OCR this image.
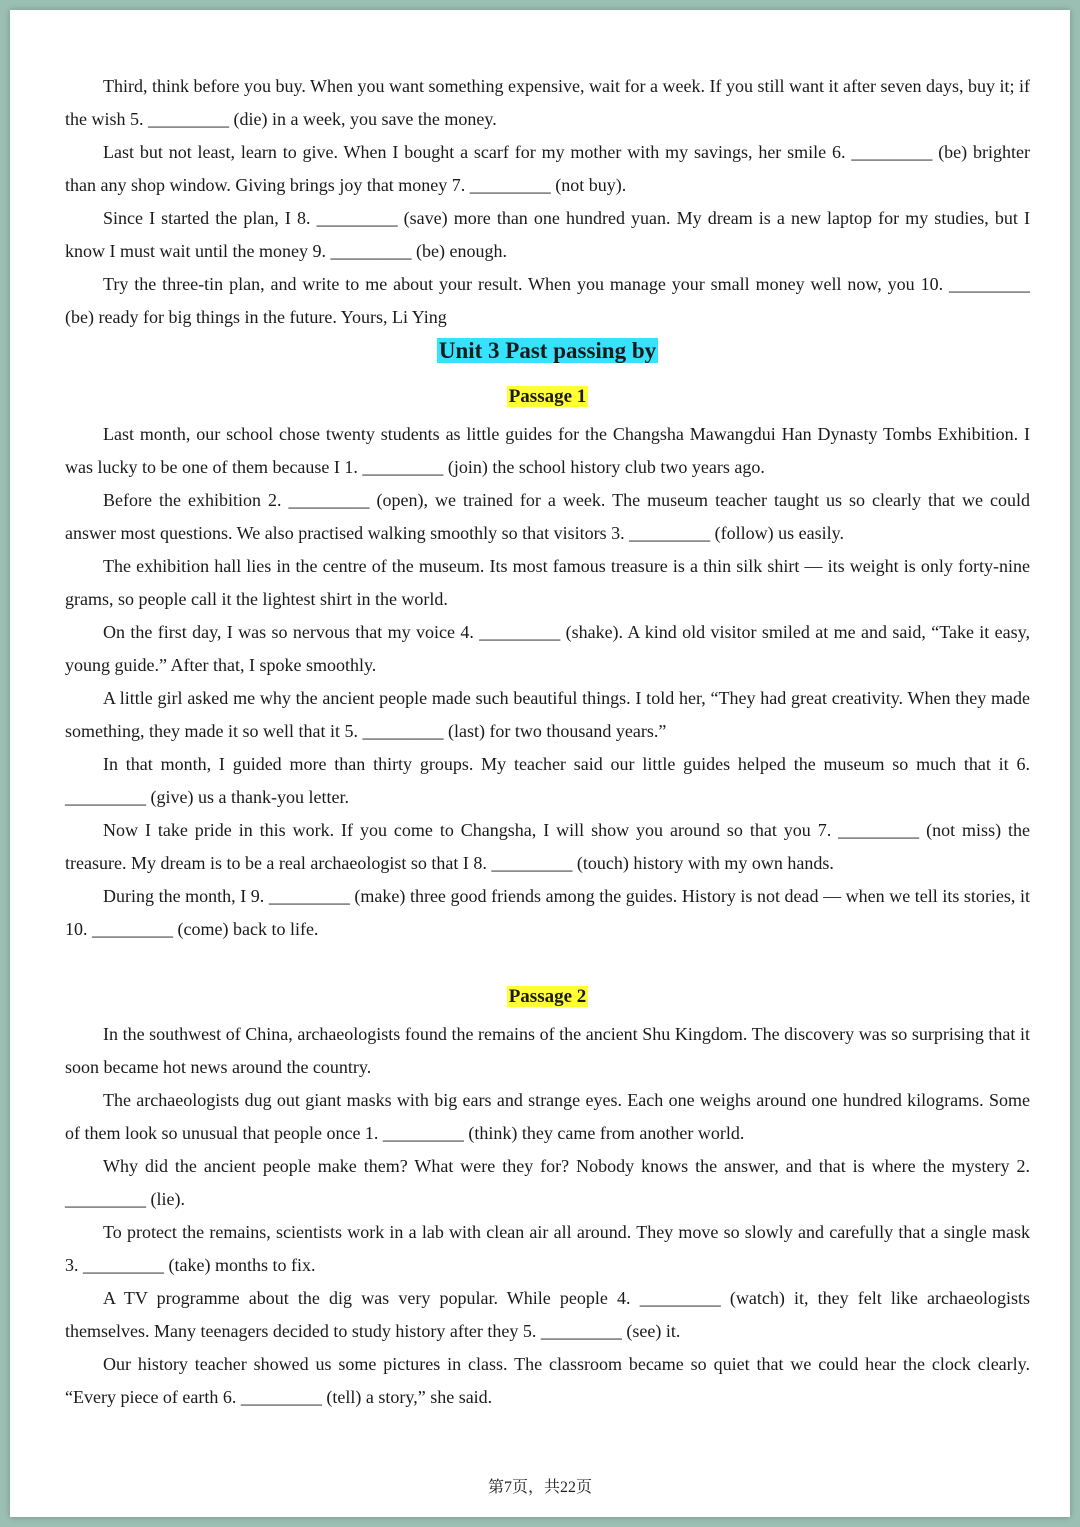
Third, think before you buy. When you want something expensive, wait for a week. If you still want it after seven days, buy it; if the wish 5. _________ (die) in a week, you save the money.

Last but not least, learn to give. When I bought a scarf for my mother with my savings, her smile 6. _________ (be) brighter than any shop window. Giving brings joy that money 7. _________ (not buy).

Since I started the plan, I 8. _________ (save) more than one hundred yuan. My dream is a new laptop for my studies, but I know I must wait until the money 9. _________ (be) enough.

Try the three-tin plan, and write to me about your result. When you manage your small money well now, you 10. _________ (be) ready for big things in the future. Yours, Li Ying

Unit 3 Past passing by
Passage 1

Last month, our school chose twenty students as little guides for the Changsha Mawangdui Han Dynasty Tombs Exhibition. I was lucky to be one of them because I 1. _________ (join) the school history club two years ago.

Before the exhibition 2. _________ (open), we trained for a week. The museum teacher taught us so clearly that we could answer most questions. We also practised walking smoothly so that visitors 3. _________ (follow) us easily.

The exhibition hall lies in the centre of the museum. Its most famous treasure is a thin silk shirt — its weight is only forty-nine grams, so people call it the lightest shirt in the world.

On the first day, I was so nervous that my voice 4. _________ (shake). A kind old visitor smiled at me and said, “Take it easy, young guide.” After that, I spoke smoothly.

A little girl asked me why the ancient people made such beautiful things. I told her, “They had great creativity. When they made something, they made it so well that it 5. _________ (last) for two thousand years.”

In that month, I guided more than thirty groups. My teacher said our little guides helped the museum so much that it 6. _________ (give) us a thank-you letter.

Now I take pride in this work. If you come to Changsha, I will show you around so that you 7. _________ (not miss) the treasure. My dream is to be a real archaeologist so that I 8. _________ (touch) history with my own hands.

During the month, I 9. _________ (make) three good friends among the guides. History is not dead — when we tell its stories, it 10. _________ (come) back to life.

Passage 2

In the southwest of China, archaeologists found the remains of the ancient Shu Kingdom. The discovery was so surprising that it soon became hot news around the country.

The archaeologists dug out giant masks with big ears and strange eyes. Each one weighs around one hundred kilograms. Some of them look so unusual that people once 1. _________ (think) they came from another world.

Why did the ancient people make them? What were they for? Nobody knows the answer, and that is where the mystery 2. _________ (lie).

To protect the remains, scientists work in a lab with clean air all around. They move so slowly and carefully that a single mask 3. _________ (take) months to fix.

A TV programme about the dig was very popular. While people 4. _________ (watch) it, they felt like archaeologists themselves. Many teenagers decided to study history after they 5. _________ (see) it.

Our history teacher showed us some pictures in class. The classroom became so quiet that we could hear the clock clearly. “Every piece of earth 6. _________ (tell) a story,” she said.

第7页，共22页
